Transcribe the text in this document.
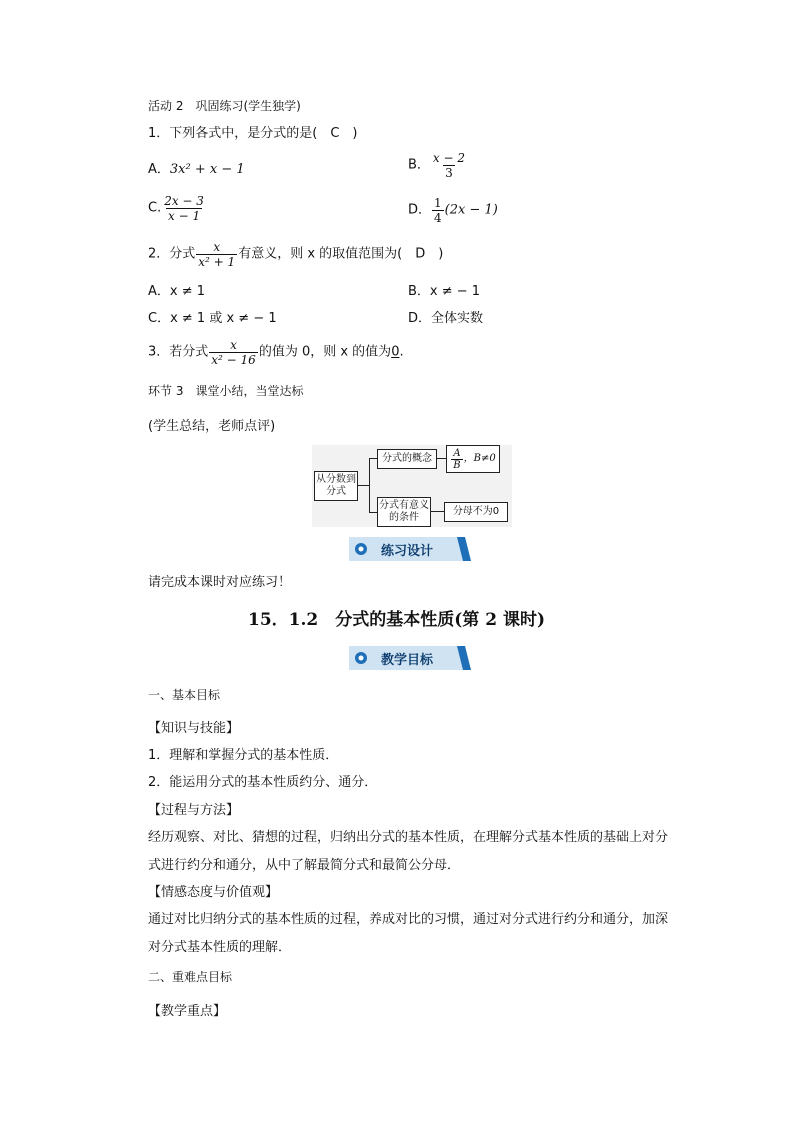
活动 2　巩固练习(学生独学)
1．下列各式中，是分式的是(　C　)
A．3x² + x − 1	B． $\frac{x - 2}{3}$
C. $\frac{2x - 3}{x - 1}$	D． $\frac{1}{4} (2x - 1)$
2．分式 $\frac{x}{\text{x² + 1}}$ 有意义，则 x 的取值范围为(　D　)
A．x ≠ 1	B．x ≠ − 1
C．x ≠ 1 或 x ≠ − 1	D．全体实数
3．若分式 $\frac{x}{\text{x² − 16}}$ 的值为 0，则 x 的值为0.
环节 3　课堂小结，当堂达标
(学生总结，老师点评)
从分数到分式
分式的概念	$\frac{A}{B}$ ，B≠0
分式有意义的条件
分母不为0
练习设计
请完成本课时对应练习！
15．1.2　分式的基本性质(第 2 课时)
教学目标
一、基本目标
【知识与技能】
1．理解和掌握分式的基本性质．
2．能运用分式的基本性质约分、通分．
【过程与方法】
经历观察、对比、猜想的过程，归纳出分式的基本性质，在理解分式基本性质的基础上对分式进行约分和通分，从中了解最简分式和最简公分母．
【情感态度与价值观】
通过对比归纳分式的基本性质的过程，养成对比的习惯，通过对分式进行约分和通分，加深对分式基本性质的理解．
二、重难点目标
【教学重点】
